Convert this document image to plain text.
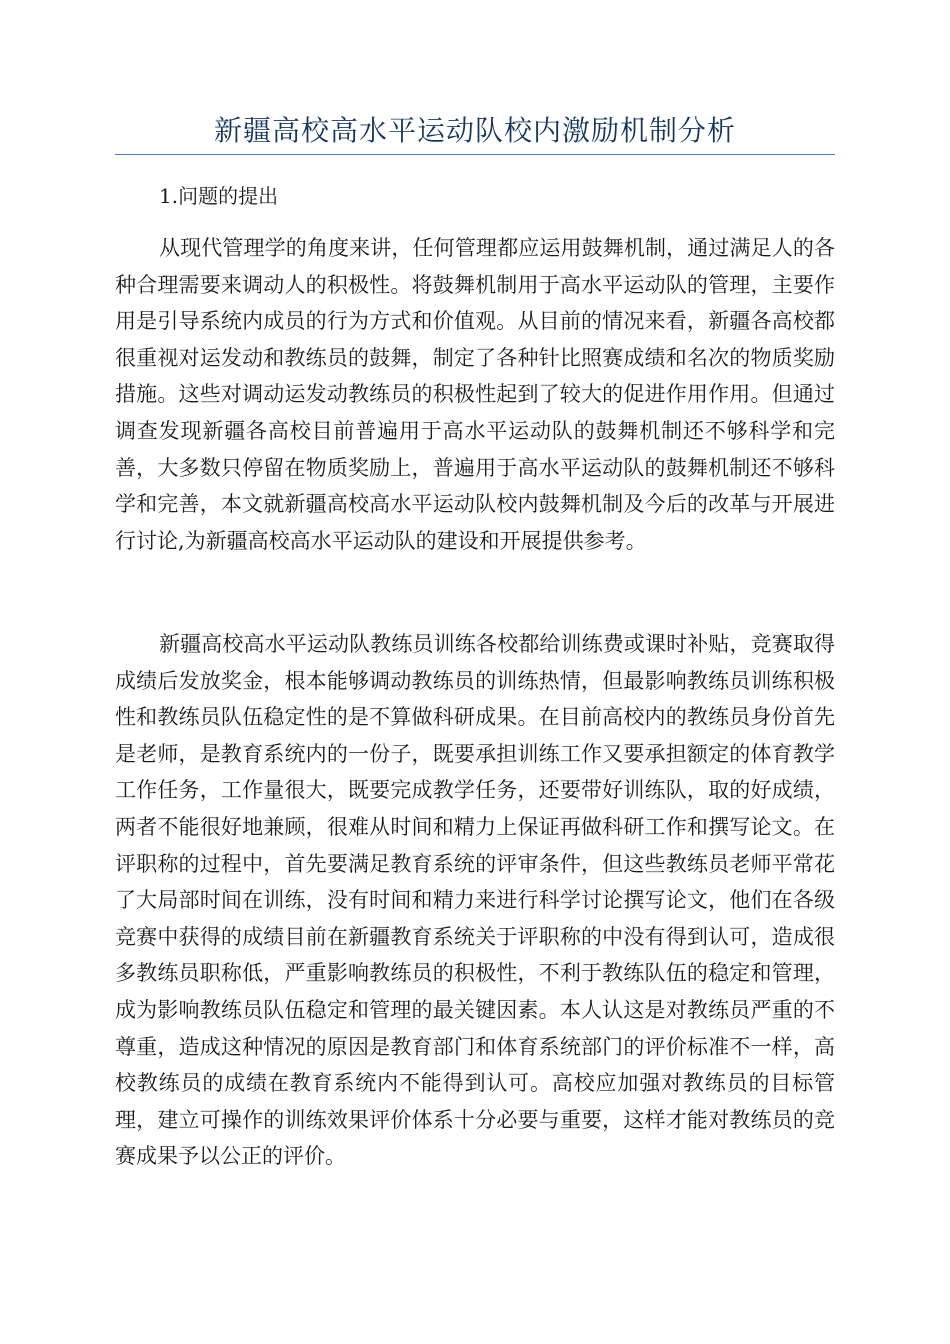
新疆高校高水平运动队校内激励机制分析

1.问题的提出

从现代管理学的角度来讲，任何管理都应运用鼓舞机制，通过满足人的各种合理需要来调动人的积极性。将鼓舞机制用于高水平运动队的管理，主要作用是引导系统内成员的行为方式和价值观。从目前的情况来看，新疆各高校都很重视对运发动和教练员的鼓舞，制定了各种针比照赛成绩和名次的物质奖励措施。这些对调动运发动教练员的积极性起到了较大的促进作用作用。但通过调查发现新疆各高校目前普遍用于高水平运动队的鼓舞机制还不够科学和完善，大多数只停留在物质奖励上，普遍用于高水平运动队的鼓舞机制还不够科学和完善，本文就新疆高校高水平运动队校内鼓舞机制及今后的改革与开展进行讨论,为新疆高校高水平运动队的建设和开展提供参考。

新疆高校高水平运动队教练员训练各校都给训练费或课时补贴，竞赛取得成绩后发放奖金，根本能够调动教练员的训练热情，但最影响教练员训练积极性和教练员队伍稳定性的是不算做科研成果。在目前高校内的教练员身份首先是老师，是教育系统内的一份子，既要承担训练工作又要承担额定的体育教学工作任务，工作量很大，既要完成教学任务，还要带好训练队，取的好成绩，两者不能很好地兼顾，很难从时间和精力上保证再做科研工作和撰写论文。在评职称的过程中，首先要满足教育系统的评审条件，但这些教练员老师平常花了大局部时间在训练，没有时间和精力来进行科学讨论撰写论文，他们在各级竞赛中获得的成绩目前在新疆教育系统关于评职称的中没有得到认可，造成很多教练员职称低，严重影响教练员的积极性，不利于教练队伍的稳定和管理，成为影响教练员队伍稳定和管理的最关键因素。本人认这是对教练员严重的不尊重，造成这种情况的原因是教育部门和体育系统部门的评价标准不一样，高校教练员的成绩在教育系统内不能得到认可。高校应加强对教练员的目标管理，建立可操作的训练效果评价体系十分必要与重要，这样才能对教练员的竞赛成果予以公正的评价。
